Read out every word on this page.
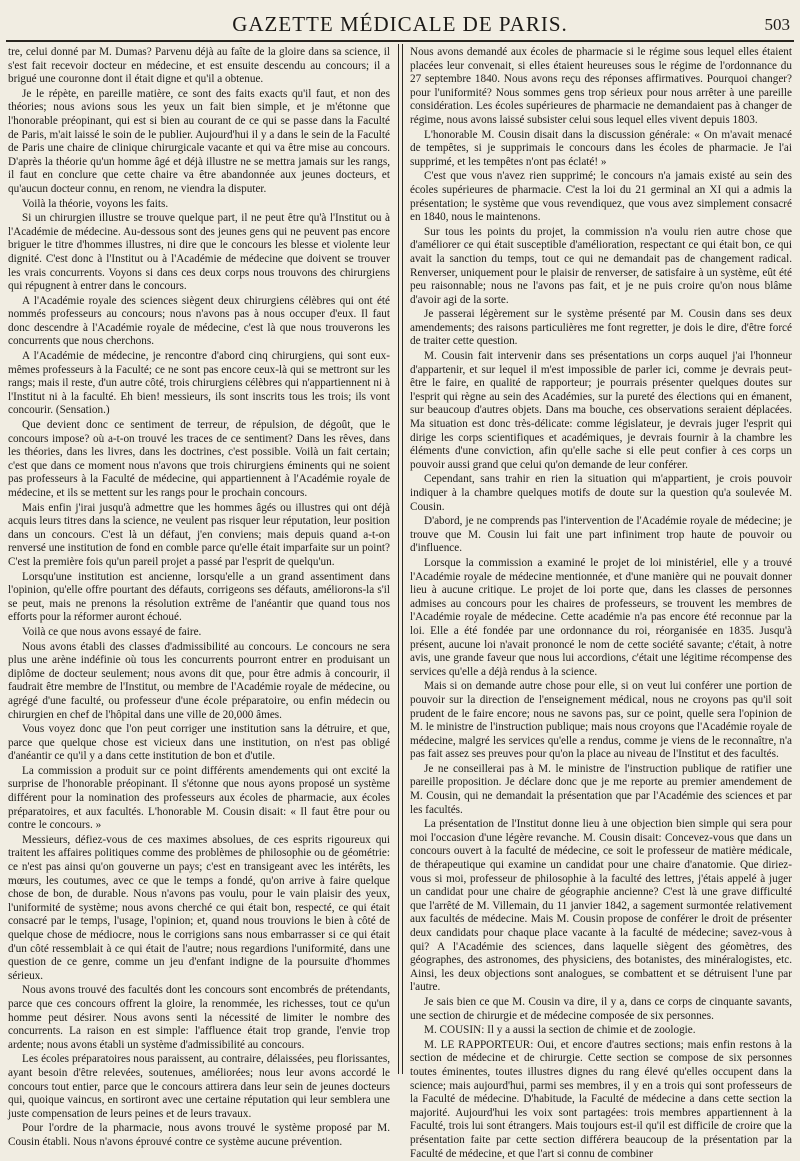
GAZETTE MÉDICALE DE PARIS.	503

tre, celui donné par M. Dumas? Parvenu déjà au faîte de la gloire dans sa science, il s'est fait recevoir docteur en médecine, et est ensuite descendu au concours; il a brigué une couronne dont il était digne et qu'il a obtenue.

Je le répète, en pareille matière, ce sont des faits exacts qu'il faut, et non des théories; nous avions sous les yeux un fait bien simple, et je m'étonne que l'honorable préopinant, qui est si bien au courant de ce qui se passe dans la Faculté de Paris, m'ait laissé le soin de le publier. Aujourd'hui il y a dans le sein de la Faculté de Paris une chaire de clinique chirurgicale vacante et qui va être mise au concours. D'après la théorie qu'un homme âgé et déjà illustre ne se mettra jamais sur les rangs, il faut en conclure que cette chaire va être abandonnée aux jeunes docteurs, et qu'aucun docteur connu, en renom, ne viendra la disputer.

Voilà la théorie, voyons les faits.

Si un chirurgien illustre se trouve quelque part, il ne peut être qu'à l'Institut ou à l'Académie de médecine. Au-dessous sont des jeunes gens qui ne peuvent pas encore briguer le titre d'hommes illustres, ni dire que le concours les blesse et violente leur dignité. C'est donc à l'Institut ou à l'Académie de médecine que doivent se trouver les vrais concurrents. Voyons si dans ces deux corps nous trouvons des chirurgiens qui répugnent à entrer dans le concours.

A l'Académie royale des sciences siègent deux chirurgiens célèbres qui ont été nommés professeurs au concours; nous n'avons pas à nous occuper d'eux. Il faut donc descendre à l'Académie royale de médecine, c'est là que nous trouverons les concurrents que nous cherchons.

A l'Académie de médecine, je rencontre d'abord cinq chirurgiens, qui sont eux-mêmes professeurs à la Faculté; ce ne sont pas encore ceux-là qui se mettront sur les rangs; mais il reste, d'un autre côté, trois chirurgiens célèbres qui n'appartiennent ni à l'Institut ni à la faculté. Eh bien! messieurs, ils sont inscrits tous les trois; ils vont concourir. (Sensation.)

Que devient donc ce sentiment de terreur, de répulsion, de dégoût, que le concours impose? où a-t-on trouvé les traces de ce sentiment? Dans les rêves, dans les théories, dans les livres, dans les doctrines, c'est possible. Voilà un fait certain; c'est que dans ce moment nous n'avons que trois chirurgiens éminents qui ne soient pas professeurs à la Faculté de médecine, qui appartiennent à l'Académie royale de médecine, et ils se mettent sur les rangs pour le prochain concours.

Mais enfin j'irai jusqu'à admettre que les hommes âgés ou illustres qui ont déjà acquis leurs titres dans la science, ne veulent pas risquer leur réputation, leur position dans un concours. C'est là un défaut, j'en conviens; mais depuis quand a-t-on renversé une institution de fond en comble parce qu'elle était imparfaite sur un point? C'est la première fois qu'un pareil projet a passé par l'esprit de quelqu'un.

Lorsqu'une institution est ancienne, lorsqu'elle a un grand assentiment dans l'opinion, qu'elle offre pourtant des défauts, corrigeons ses défauts, améliorons-la s'il se peut, mais ne prenons la résolution extrême de l'anéantir que quand tous nos efforts pour la réformer auront échoué.

Voilà ce que nous avons essayé de faire.

Nous avons établi des classes d'admissibilité au concours. Le concours ne sera plus une arène indéfinie où tous les concurrents pourront entrer en produisant un diplôme de docteur seulement; nous avons dit que, pour être admis à concourir, il faudrait être membre de l'Institut, ou membre de l'Académie royale de médecine, ou agrégé d'une faculté, ou professeur d'une école préparatoire, ou enfin médecin ou chirurgien en chef de l'hôpital dans une ville de 20,000 âmes.

Vous voyez donc que l'on peut corriger une institution sans la détruire, et que, parce que quelque chose est vicieux dans une institution, on n'est pas obligé d'anéantir ce qu'il y a dans cette institution de bon et d'utile.

La commission a produit sur ce point différents amendements qui ont excité la surprise de l'honorable préopinant. Il s'étonne que nous ayons proposé un système différent pour la nomination des professeurs aux écoles de pharmacie, aux écoles préparatoires, et aux facultés. L'honorable M. Cousin disait: « Il faut être pour ou contre le concours. »

Messieurs, défiez-vous de ces maximes absolues, de ces esprits rigoureux qui traitent les affaires politiques comme des problèmes de philosophie ou de géométrie: ce n'est pas ainsi qu'on gouverne un pays; c'est en transigeant avec les intérêts, les mœurs, les coutumes, avec ce que le temps a fondé, qu'on arrive à faire quelque chose de bon, de durable. Nous n'avons pas voulu, pour le vain plaisir des yeux, l'uniformité de système; nous avons cherché ce qui était bon, respecté, ce qui était consacré par le temps, l'usage, l'opinion; et, quand nous trouvions le bien à côté de quelque chose de médiocre, nous le corrigions sans nous embarrasser si ce qui était d'un côté ressemblait à ce qui était de l'autre; nous regardions l'uniformité, dans une question de ce genre, comme un jeu d'enfant indigne de la poursuite d'hommes sérieux.

Nous avons trouvé des facultés dont les concours sont encombrés de prétendants, parce que ces concours offrent la gloire, la renommée, les richesses, tout ce qu'un homme peut désirer. Nous avons senti la nécessité de limiter le nombre des concurrents. La raison en est simple: l'affluence était trop grande, l'envie trop ardente; nous avons établi un système d'admissibilité au concours.

Les écoles préparatoires nous paraissent, au contraire, délaissées, peu florissantes, ayant besoin d'être relevées, soutenues, améliorées; nous leur avons accordé le concours tout entier, parce que le concours attirera dans leur sein de jeunes docteurs qui, quoique vaincus, en sortiront avec une certaine réputation qui leur semblera une juste compensation de leurs peines et de leurs travaux.

Pour l'ordre de la pharmacie, nous avons trouvé le système proposé par M. Cousin établi. Nous n'avons éprouvé contre ce système aucune prévention.

Nous avons demandé aux écoles de pharmacie si le régime sous lequel elles étaient placées leur convenait, si elles étaient heureuses sous le régime de l'ordonnance du 27 septembre 1840. Nous avons reçu des réponses affirmatives. Pourquoi changer? pour l'uniformité? Nous sommes gens trop sérieux pour nous arrêter à une pareille considération. Les écoles supérieures de pharmacie ne demandaient pas à changer de régime, nous avons laissé subsister celui sous lequel elles vivent depuis 1803.

L'honorable M. Cousin disait dans la discussion générale: « On m'avait menacé de tempêtes, si je supprimais le concours dans les écoles de pharmacie. Je l'ai supprimé, et les tempêtes n'ont pas éclaté! »

C'est que vous n'avez rien supprimé; le concours n'a jamais existé au sein des écoles supérieures de pharmacie. C'est la loi du 21 germinal an XI qui a admis la présentation; le système que vous revendiquez, que vous avez simplement consacré en 1840, nous le maintenons.

Sur tous les points du projet, la commission n'a voulu rien autre chose que d'améliorer ce qui était susceptible d'amélioration, respectant ce qui était bon, ce qui avait la sanction du temps, tout ce qui ne demandait pas de changement radical. Renverser, uniquement pour le plaisir de renverser, de satisfaire à un système, eût été peu raisonnable; nous ne l'avons pas fait, et je ne puis croire qu'on nous blâme d'avoir agi de la sorte.

Je passerai légèrement sur le système présenté par M. Cousin dans ses deux amendements; des raisons particulières me font regretter, je dois le dire, d'être forcé de traiter cette question.

M. Cousin fait intervenir dans ses présentations un corps auquel j'ai l'honneur d'appartenir, et sur lequel il m'est impossible de parler ici, comme je devrais peut-être le faire, en qualité de rapporteur; je pourrais présenter quelques doutes sur l'esprit qui règne au sein des Académies, sur la pureté des élections qui en émanent, sur beaucoup d'autres objets. Dans ma bouche, ces observations seraient déplacées. Ma situation est donc très-délicate: comme législateur, je devrais juger l'esprit qui dirige les corps scientifiques et académiques, je devrais fournir à la chambre les éléments d'une conviction, afin qu'elle sache si elle peut confier à ces corps un pouvoir aussi grand que celui qu'on demande de leur conférer.

Cependant, sans trahir en rien la situation qui m'appartient, je crois pouvoir indiquer à la chambre quelques motifs de doute sur la question qu'a soulevée M. Cousin.

D'abord, je ne comprends pas l'intervention de l'Académie royale de médecine; je trouve que M. Cousin lui fait une part infiniment trop haute de pouvoir ou d'influence.

Lorsque la commission a examiné le projet de loi ministériel, elle y a trouvé l'Académie royale de médecine mentionnée, et d'une manière qui ne pouvait donner lieu à aucune critique. Le projet de loi porte que, dans les classes de personnes admises au concours pour les chaires de professeurs, se trouvent les membres de l'Académie royale de médecine. Cette académie n'a pas encore été reconnue par la loi. Elle a été fondée par une ordonnance du roi, réorganisée en 1835. Jusqu'à présent, aucune loi n'avait prononcé le nom de cette société savante; c'était, à notre avis, une grande faveur que nous lui accordions, c'était une légitime récompense des services qu'elle a déjà rendus à la science.

Mais si on demande autre chose pour elle, si on veut lui conférer une portion de pouvoir sur la direction de l'enseignement médical, nous ne croyons pas qu'il soit prudent de le faire encore; nous ne savons pas, sur ce point, quelle sera l'opinion de M. le ministre de l'instruction publique; mais nous croyons que l'Académie royale de médecine, malgré les services qu'elle a rendus, comme je viens de le reconnaître, n'a pas fait assez ses preuves pour qu'on la place au niveau de l'Institut et des facultés.

Je ne conseillerai pas à M. le ministre de l'instruction publique de ratifier une pareille proposition. Je déclare donc que je me reporte au premier amendement de M. Cousin, qui ne demandait la présentation que par l'Académie des sciences et par les facultés.

La présentation de l'Institut donne lieu à une objection bien simple qui sera pour moi l'occasion d'une légère revanche. M. Cousin disait: Concevez-vous que dans un concours ouvert à la faculté de médecine, ce soit le professeur de matière médicale, de thérapeutique qui examine un candidat pour une chaire d'anatomie. Que diriez-vous si moi, professeur de philosophie à la faculté des lettres, j'étais appelé à juger un candidat pour une chaire de géographie ancienne? C'est là une grave difficulté que l'arrêté de M. Villemain, du 11 janvier 1842, a sagement surmontée relativement aux facultés de médecine. Mais M. Cousin propose de conférer le droit de présenter deux candidats pour chaque place vacante à la faculté de médecine; savez-vous à qui? A l'Académie des sciences, dans laquelle siègent des géomètres, des géographes, des astronomes, des physiciens, des botanistes, des minéralogistes, etc. Ainsi, les deux objections sont analogues, se combattent et se détruisent l'une par l'autre.

Je sais bien ce que M. Cousin va dire, il y a, dans ce corps de cinquante savants, une section de chirurgie et de médecine composée de six personnes.

M. COUSIN: Il y a aussi la section de chimie et de zoologie.

M. LE RAPPORTEUR: Oui, et encore d'autres sections; mais enfin restons à la section de médecine et de chirurgie. Cette section se compose de six personnes toutes éminentes, toutes illustres dignes du rang élevé qu'elles occupent dans la science; mais aujourd'hui, parmi ses membres, il y en a trois qui sont professeurs de la Faculté de médecine. D'habitude, la Faculté de médecine a dans cette section la majorité. Aujourd'hui les voix sont partagées: trois membres appartiennent à la Faculté, trois lui sont étrangers. Mais toujours est-il qu'il est difficile de croire que la présentation faite par cette section différera beaucoup de la présentation par la Faculté de médecine, et que l'art si connu de combiner
